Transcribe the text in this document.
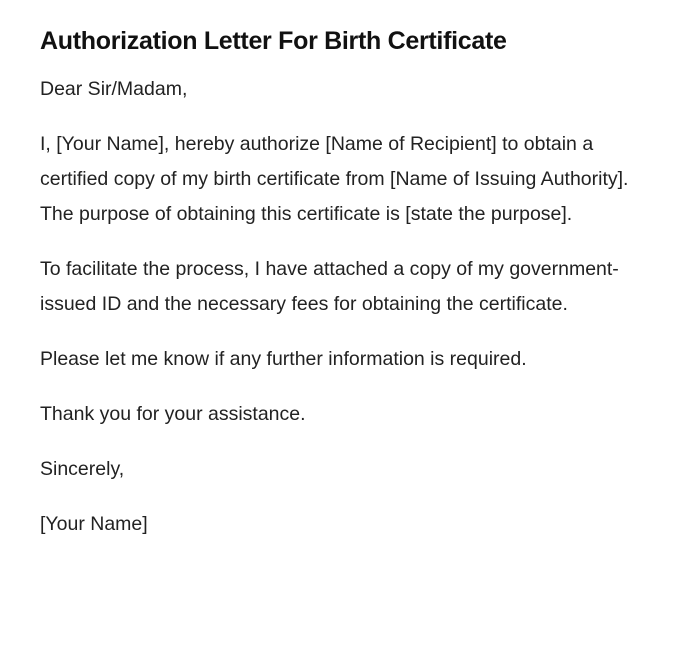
Authorization Letter For Birth Certificate

Dear Sir/Madam,

I, [Your Name], hereby authorize [Name of Recipient] to obtain a certified copy of my birth certificate from [Name of Issuing Authority]. The purpose of obtaining this certificate is [state the purpose].

To facilitate the process, I have attached a copy of my government-issued ID and the necessary fees for obtaining the certificate.

Please let me know if any further information is required.

Thank you for your assistance.

Sincerely,

[Your Name]
